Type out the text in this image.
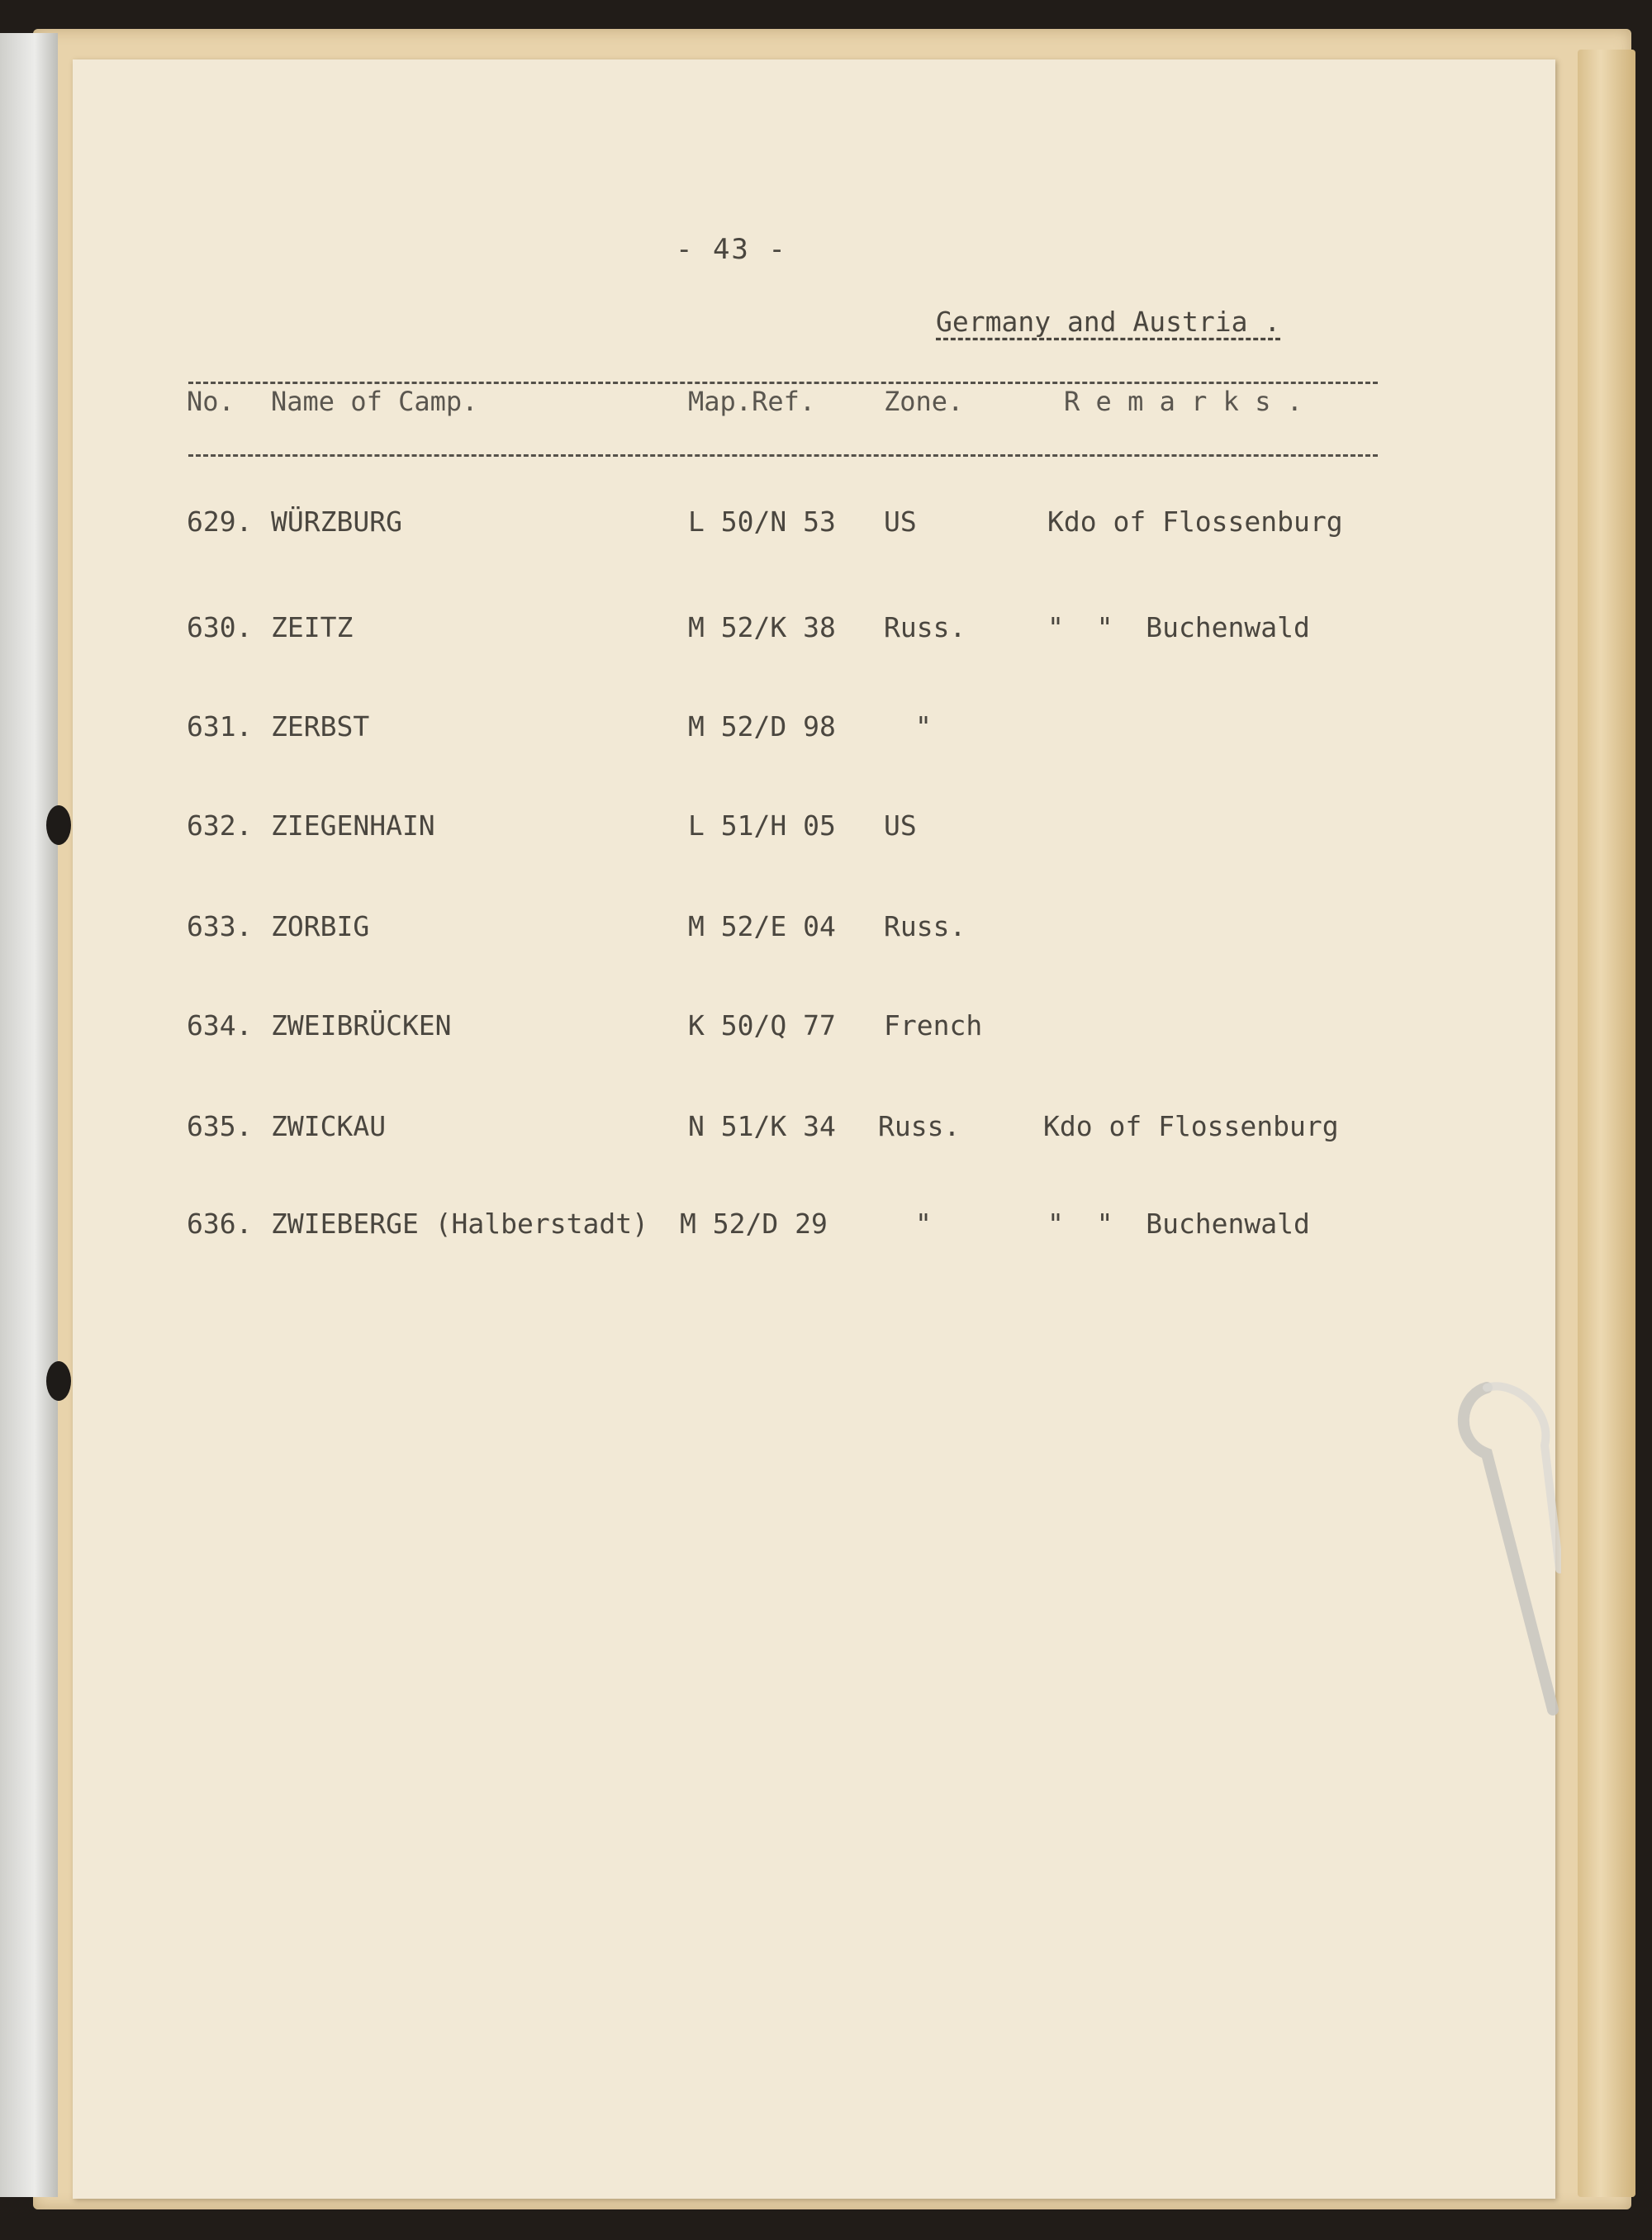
- 43 -
Germany and Austria .
No. Name of Camp.	Map.Ref.	Zone.	R e m a r k s .
629. WÜRZBURG	L 50/N 53 US	Kdo of Flossenburg
630. ZEITZ	M 52/K 38 Russ.	"  "  Buchenwald
631. ZERBST	M 52/D 98	"
632. ZIEGENHAIN	L 51/H 05 US
633. ZORBIG	M 52/E 04 Russ.
634. ZWEIBRÜCKEN	K 50/Q 77 French
635. ZWICKAU	N 51/K 34 Russ.	Kdo of Flossenburg
636. ZWIEBERGE (Halberstadt) M 52/D 29	"	"  "  Buchenwald
